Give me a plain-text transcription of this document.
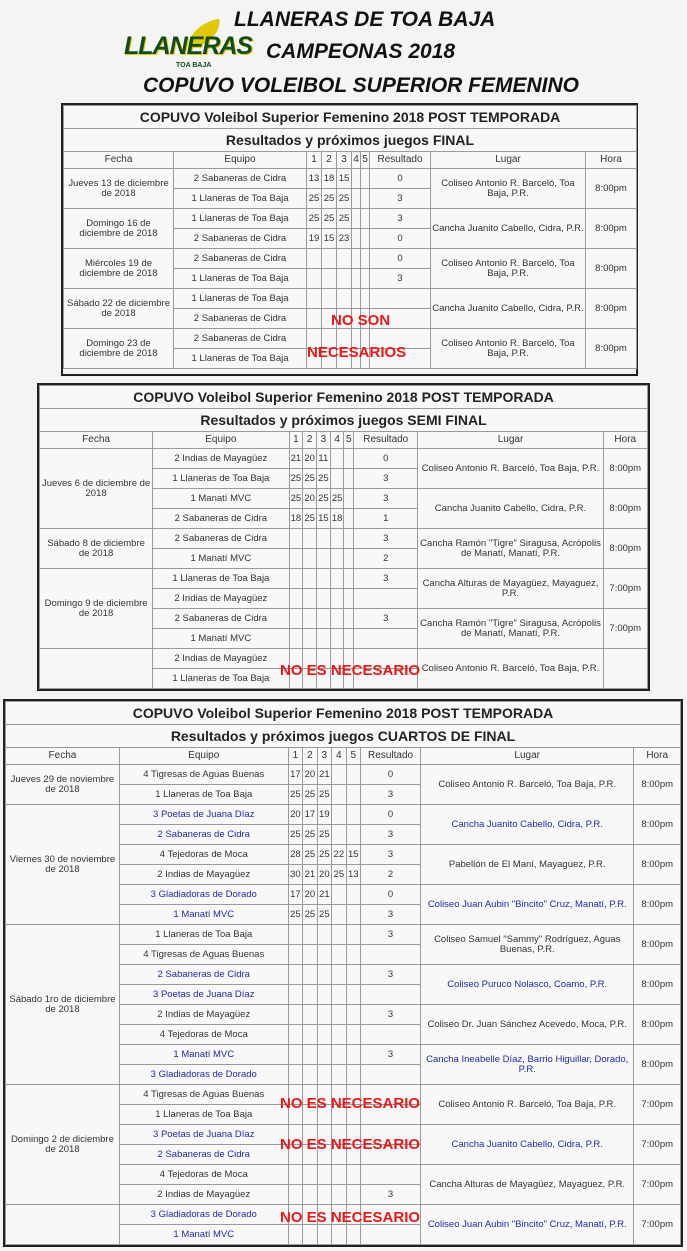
LLANERAS
TOA BAJA
LLANERAS DE TOA BAJA
CAMPEONAS 2018
COPUVO VOLEIBOL SUPERIOR FEMENINO
COPUVO Voleibol Superior Femenino 2018 POST TEMPORADA									
Resultados y próximos juegos FINAL									
Fecha	Equipo	1	2	3	4	5	Resultado	Lugar	Hora
Jueves 13 de diciembre de 2018	2 Sabaneras de Cidra	13	18	15			0	Coliseo Antonio R. Barceló, Toa Baja, P.R.	8:00pm
	1 Llaneras de Toa Baja	25	25	25			3		
Domingo 16 de diciembre de 2018	1 Llaneras de Toa Baja	25	25	25			3	Cancha Juanito Cabello, Cidra, P.R.	8:00pm
	2 Sabaneras de Cidra	19	15	23			0		
Miércoles 19 de diciembre de 2018	2 Sabaneras de Cidra						0	Coliseo Antonio R. Barceló, Toa Baja, P.R.	8:00pm
	1 Llaneras de Toa Baja						3		
Sábado 22 de diciembre de 2018	1 Llaneras de Toa Baja							Cancha Juanito Cabello, Cidra, P.R.	8:00pm
	2 Sabaneras de Cidra								
Domingo 23 de diciembre de 2018	2 Sabaneras de Cidra							Coliseo Antonio R. Barceló, Toa Baja, P.R.	8:00pm
	1 Llaneras de Toa Baja								
NO SON
NECESARIOS
COPUVO Voleibol Superior Femenino 2018 POST TEMPORADA									
Resultados y próximos juegos SEMI FINAL									
Fecha	Equipo	1	2	3	4	5	Resultado	Lugar	Hora
Jueves 6 de diciembre de 2018	2 Indias de Mayagüez	21	20	11			0	Coliseo Antonio R. Barceló, Toa Baja, P.R.	8:00pm
	1 Llaneras de Toa Baja	25	25	25			3		
	1 Manatí MVC	25	20	25	25		3	Cancha Juanito Cabello, Cidra, P.R.	8:00pm
	2 Sabaneras de Cidra	18	25	15	18		1		
Sábado 8 de diciembre de 2018	2 Sabaneras de Cidra						3	Cancha Ramón "Tigre" Siragusa, Acrópolis de Manatí, Manatí, P.R.	8:00pm
	1 Manatí MVC						2		
Domingo 9 de diciembre de 2018	1 Llaneras de Toa Baja						3	Cancha Alturas de Mayagüez, Mayaguez, P.R.	7:00pm
	2 Indias de Mayagüez								
	2 Sabaneras de Cidra						3	Cancha Ramón "Tigre" Siragusa, Acrópolis de Manatí, Manatí, P.R.	7:00pm
	1 Manatí MVC								
	2 Indias de Mayagüez							Coliseo Antonio R. Barceló, Toa Baja, P.R.	
	1 Llaneras de Toa Baja								NO ES NECESARIO
COPUVO Voleibol Superior Femenino 2018 POST TEMPORADA									
Resultados y próximos juegos CUARTOS DE FINAL									
Fecha	Equipo	1	2	3	4	5	Resultado	Lugar	Hora
Jueves 29 de noviembre de 2018	4 Tigresas de Aguas Buenas	17	20	21			0	Coliseo Antonio R. Barceló, Toa Baja, P.R.	8:00pm
	1 Llaneras de Toa Baja	25	25	25			3		
Viernes 30 de noviembre de 2018	3 Poetas de Juana Díaz	20	17	19			0	Cancha Juanito Cabello, Cidra, P.R.	8:00pm
	2 Sabaneras de Cidra	25	25	25			3		
	4 Tejedoras de Moca	28	25	25	22	15	3	Pabellón de El Maní, Mayaguez, P.R.	8:00pm
	2 Indias de Mayagüez	30	21	20	25	13	2		
	3 Gladiadoras de Dorado	17	20	21			0	Coliseo Juan Aubin "Bincito" Cruz, Manatí, P.R.	8:00pm
	1 Manatí MVC	25	25	25			3		
Sábado 1ro de diciembre de 2018	1 Llaneras de Toa Baja						3	Coliseo Samuel "Sammy" Rodríguez, Aguas Buenas, P.R.	8:00pm
	4 Tigresas de Aguas Buenas								
	2 Sabaneras de Cidra						3	Coliseo Puruco Nolasco, Coamo, P.R.	8:00pm
	3 Poetas de Juana Díaz								
	2 Indias de Mayagüez						3	Coliseo Dr. Juan Sánchez Acevedo, Moca, P.R.	8:00pm
	4 Tejedoras de Moca								
	1 Manatí MVC						3	Cancha Ineabelle Díaz, Barrio Higuillar, Dorado, P.R.	8:00pm
	3 Gladiadoras de Dorado								
Domingo 2 de diciembre de 2018	4 Tigresas de Aguas Buenas							Coliseo Antonio R. Barceló, Toa Baja, P.R.	7:00pm
	1 Llaneras de Toa Baja								
	3 Poetas de Juana Díaz							Cancha Juanito Cabello, Cidra, P.R.	7:00pm
	2 Sabaneras de Cidra								
	4 Tejedoras de Moca							Cancha Alturas de Mayagüez, Mayaguez, P.R.	7:00pm
	2 Indias de Mayagüez						3		
	3 Gladiadoras de Dorado							Coliseo Juan Aubin "Bincito" Cruz, Manatí, P.R.	7:00pm
	1 Manatí MVC								
NO ES NECESARIO
NO ES NECESARIO
NO ES NECESARIO
